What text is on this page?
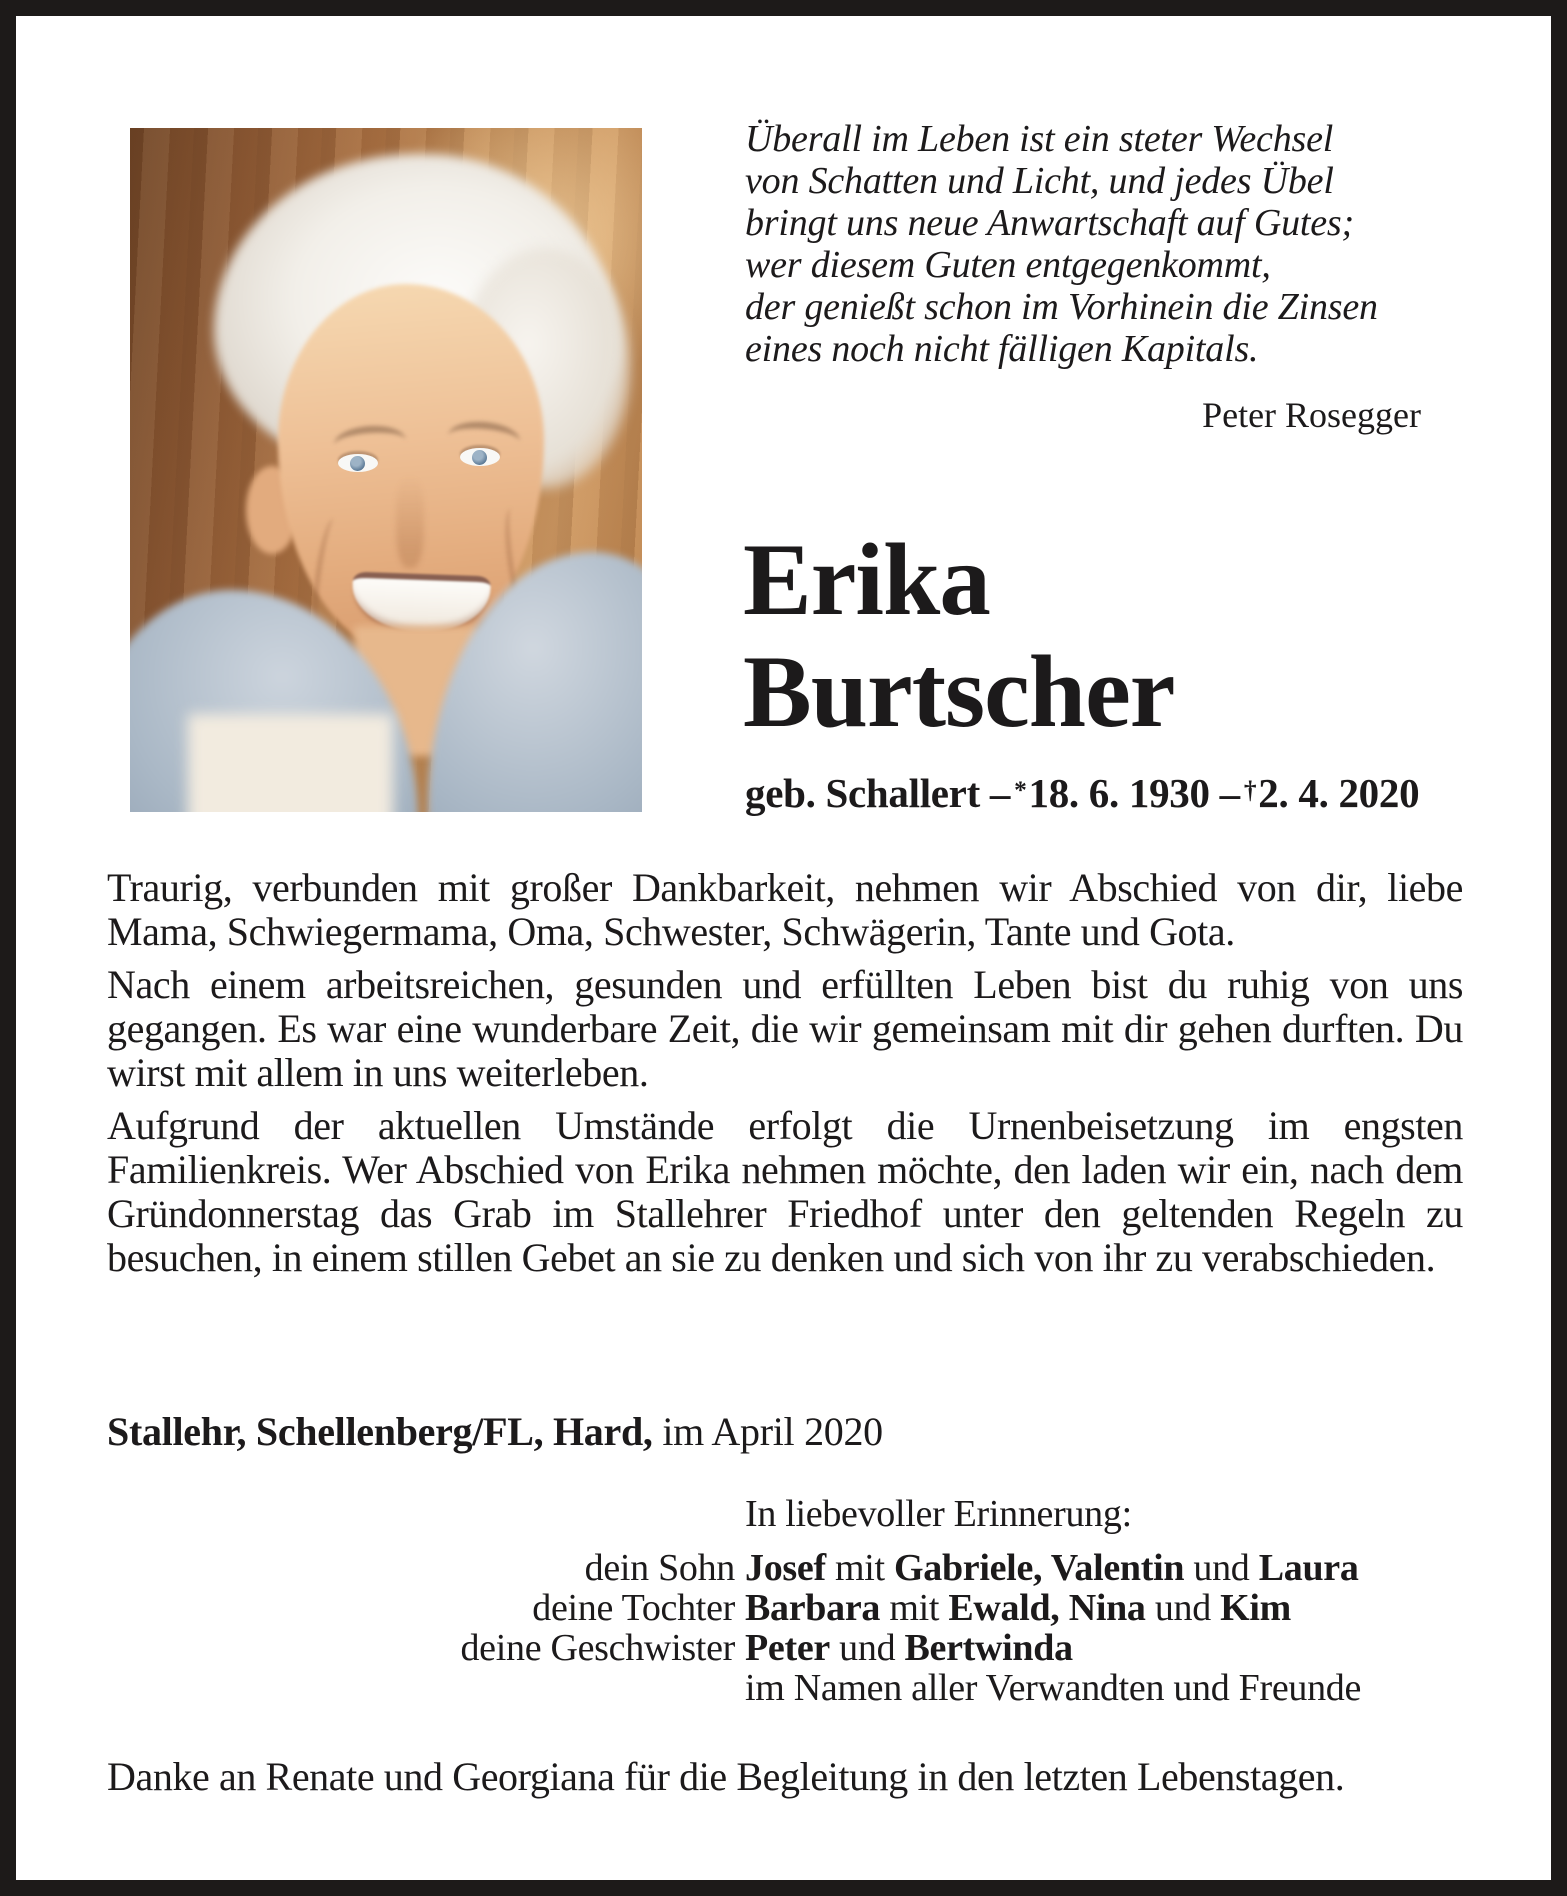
Überall im Leben ist ein steter Wechsel
von Schatten und Licht, und jedes Übel
bringt uns neue Anwartschaft auf Gutes;
wer diesem Guten entgegenkommt,
der genießt schon im Vorhinein die Zinsen
eines noch nicht fälligen Kapitals.
Peter Rosegger
Erika
Burtscher
geb. Schallert – *18. 6. 1930 – †2. 4. 2020

Traurig, verbunden mit großer Dankbarkeit, nehmen wir Abschied von dir, liebe Mama, Schwiegermama, Oma, Schwester, Schwägerin, Tante und Gota.

Nach einem arbeitsreichen, gesunden und erfüllten Leben bist du ruhig von uns gegangen. Es war eine wunderbare Zeit, die wir gemeinsam mit dir gehen durften. Du wirst mit allem in uns weiterleben.

Aufgrund der aktuellen Umstände erfolgt die Urnenbeisetzung im engsten Familienkreis. Wer Abschied von Erika nehmen möchte, den laden wir ein, nach dem Gründonnerstag das Grab im Stallehrer Friedhof unter den geltenden Regeln zu besuchen, in einem stillen Gebet an sie zu denken und sich von ihr zu verabschieden.

Stallehr, Schellenberg/FL, Hard, im April 2020
In liebevoller Erinnerung:
dein Sohn Josef mit Gabriele, Valentin und Laura
deine Tochter Barbara mit Ewald, Nina und Kim
deine Geschwister Peter und Bertwinda
im Namen aller Verwandten und Freunde
Danke an Renate und Georgiana für die Begleitung in den letzten Lebenstagen.
